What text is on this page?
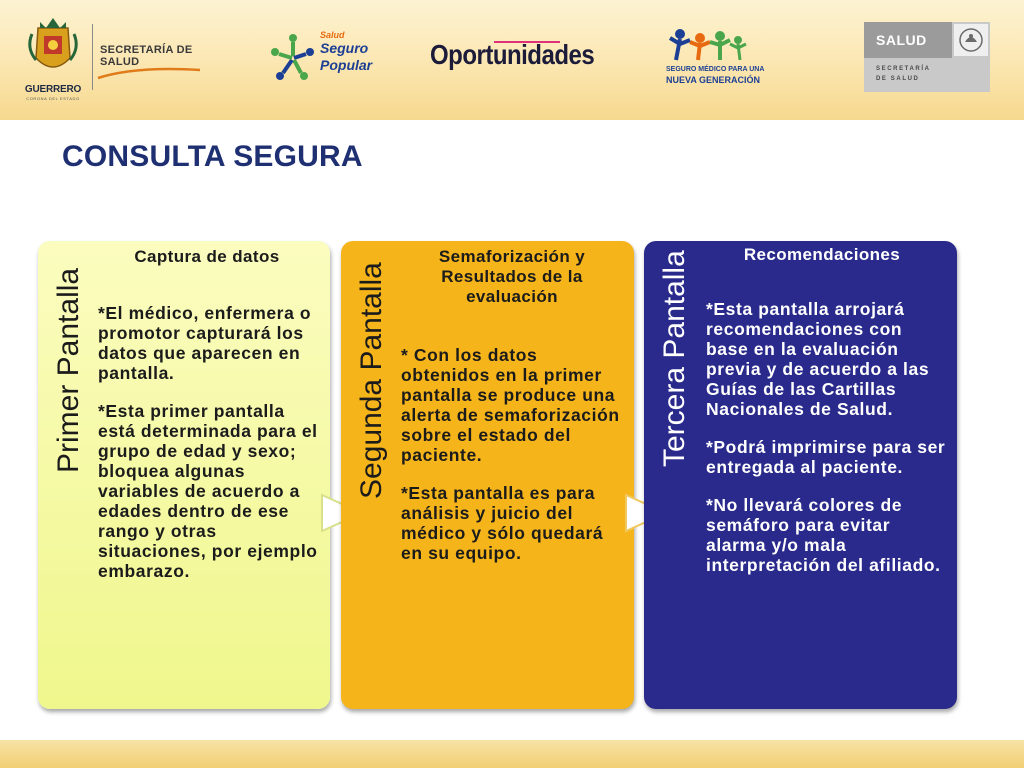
GUERRERO
CORONA DEL ESTADO
SECRETARÍA DE
SALUD
Salud
Seguro
Popular Oportunidades	SEGURO MÉDICO PARA UNA
NUEVA GENERACIÓN
SALUD
SECRETARÍA
DE SALUD
CONSULTA SEGURA
Primer Pantalla
Captura de datos
*El médico, enfermera o promotor capturará los datos que aparecen en pantalla.
*Esta primer pantalla está determinada para el grupo de edad y sexo; bloquea algunas variables de acuerdo a edades dentro de ese rango y otras situaciones, por ejemplo embarazo.
Segunda Pantalla
Semaforización y Resultados de la evaluación
* Con los datos obtenidos en la primer pantalla se produce una alerta de semaforización sobre el estado del paciente.
*Esta pantalla es para análisis y juicio del médico y sólo quedará en su equipo.
Tercera Pantalla	Recomendaciones
*Esta pantalla arrojará recomendaciones con base en la evaluación previa y de acuerdo a las Guías de las Cartillas Nacionales de Salud.
*Podrá imprimirse para ser entregada al paciente.
*No llevará colores de semáforo para evitar alarma y/o mala interpretación del afiliado.
